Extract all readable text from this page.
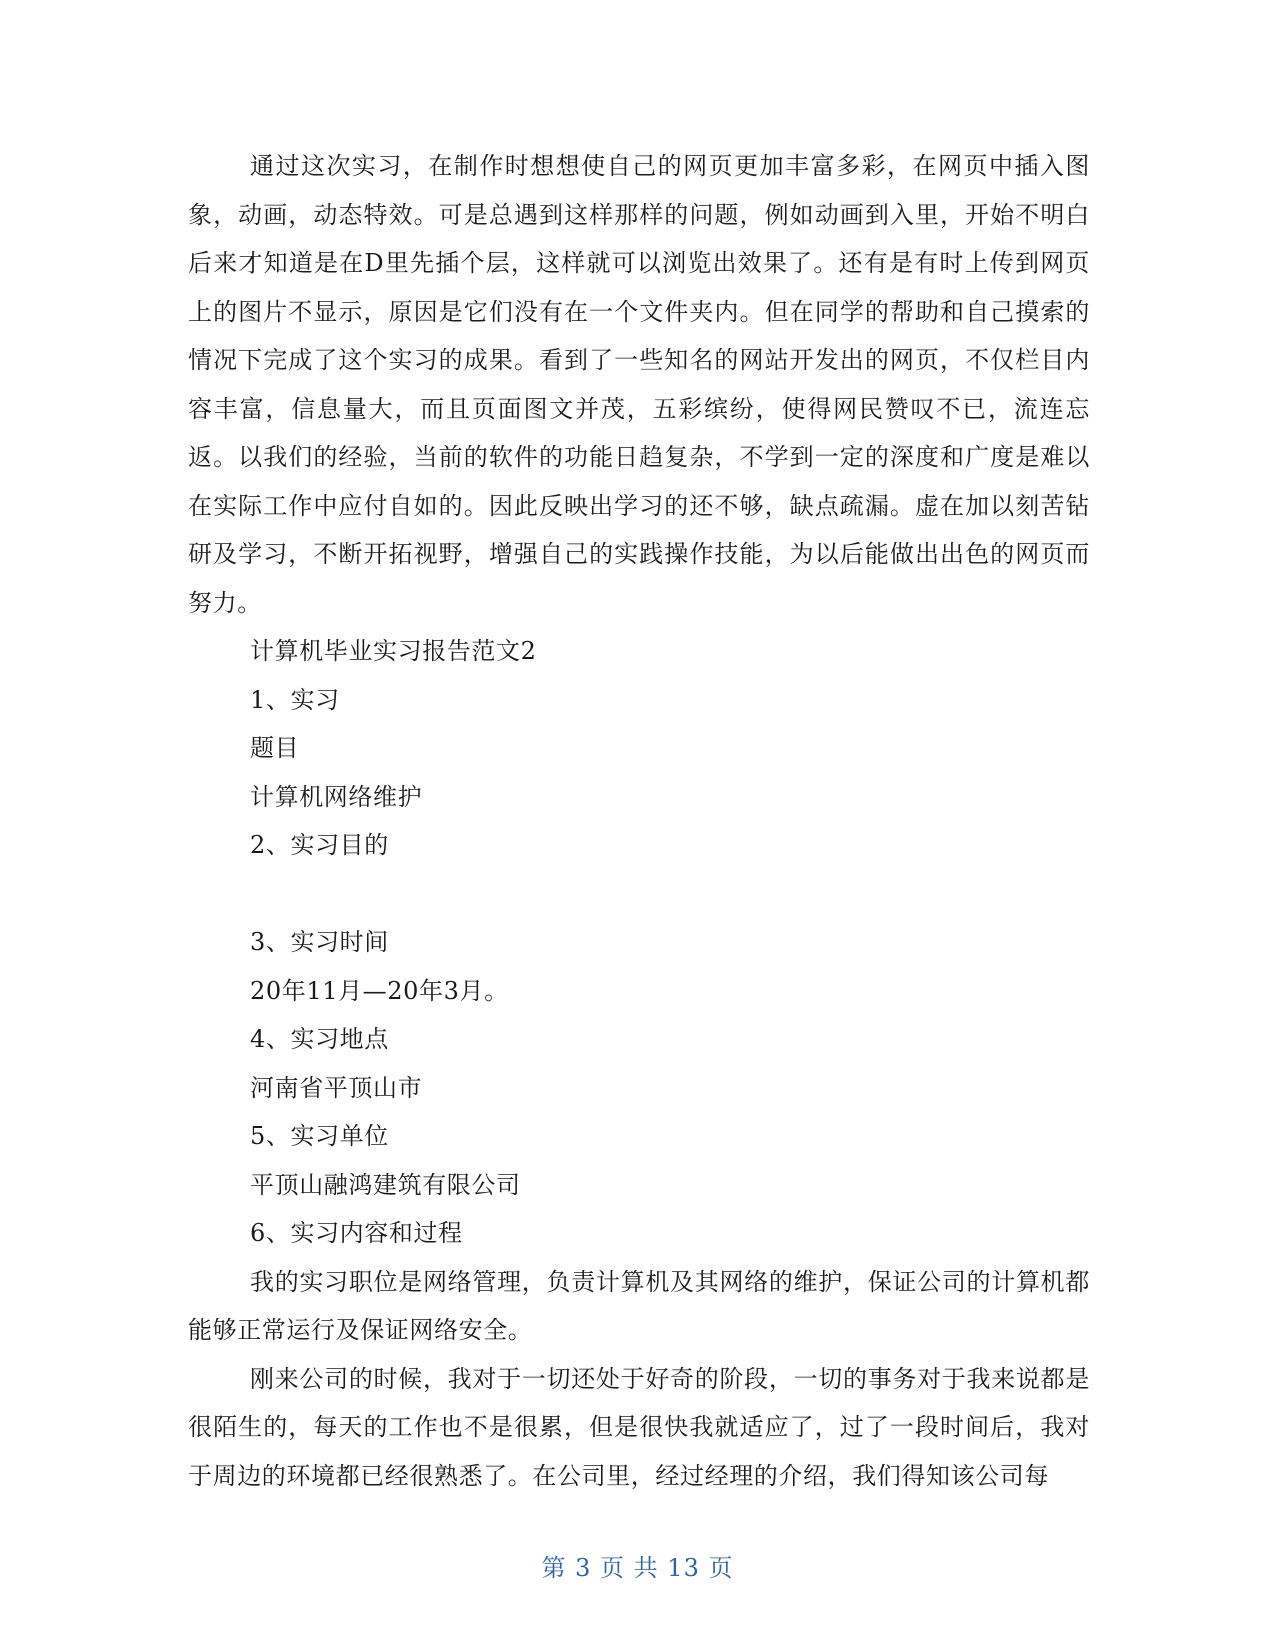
通过这次实习，在制作时想想使自己的网页更加丰富多彩，在网页中插入图象，动画，动态特效。可是总遇到这样那样的问题，例如动画到入里，开始不明白后来才知道是在D里先插个层，这样就可以浏览出效果了。还有是有时上传到网页上的图片不显示，原因是它们没有在一个文件夹内。但在同学的帮助和自己摸索的情况下完成了这个实习的成果。看到了一些知名的网站开发出的网页，不仅栏目内容丰富，信息量大，而且页面图文并茂，五彩缤纷，使得网民赞叹不已，流连忘返。以我们的经验，当前的软件的功能日趋复杂，不学到一定的深度和广度是难以在实际工作中应付自如的。因此反映出学习的还不够，缺点疏漏。虚在加以刻苦钻研及学习，不断开拓视野，增强自己的实践操作技能，为以后能做出出色的网页而努力。

计算机毕业实习报告范文2

1、实习

题目

计算机网络维护

2、实习目的

3、实习时间

20年11月—20年3月。

4、实习地点

河南省平顶山市

5、实习单位

平顶山融鸿建筑有限公司

6、实习内容和过程

我的实习职位是网络管理，负责计算机及其网络的维护，保证公司的计算机都能够正常运行及保证网络安全。

刚来公司的时候，我对于一切还处于好奇的阶段，一切的事务对于我来说都是很陌生的，每天的工作也不是很累，但是很快我就适应了，过了一段时间后，我对于周边的环境都已经很熟悉了。在公司里，经过经理的介绍，我们得知该公司每

第 3 页 共 13 页
